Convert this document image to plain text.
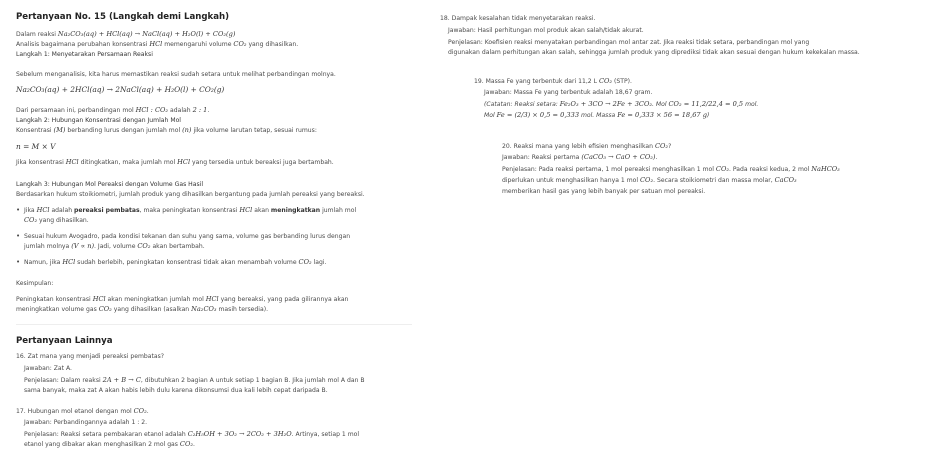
Pertanyaan No. 15 (Langkah demi Langkah)
Dalam reaksi Na₂CO₃(aq) + HCl(aq) → NaCl(aq) + H₂O(l) + CO₂(g)
Analisis bagaimana perubahan konsentrasi HCl memengaruhi volume CO₂ yang dihasilkan.
Langkah 1: Menyetarakan Persamaan Reaksi
Sebelum menganalisis, kita harus memastikan reaksi sudah setara untuk melihat perbandingan molnya.
Na₂CO₃(aq) + 2HCl(aq) → 2NaCl(aq) + H₂O(l) + CO₂(g)
Dari persamaan ini, perbandingan mol HCl : CO₂ adalah 2 : 1.
Langkah 2: Hubungan Konsentrasi dengan Jumlah Mol
Konsentrasi (M) berbanding lurus dengan jumlah mol (n) jika volume larutan tetap, sesuai rumus:
n = M × V
Jika konsentrasi HCl ditingkatkan, maka jumlah mol HCl yang tersedia untuk bereaksi juga bertambah.
Langkah 3: Hubungan Mol Pereaksi dengan Volume Gas Hasil
Berdasarkan hukum stoikiometri, jumlah produk yang dihasilkan bergantung pada jumlah pereaksi yang bereaksi.
• Jika HCl adalah pereaksi pembatas, maka peningkatan konsentrasi HCl akan meningkatkan jumlah mol
CO₂ yang dihasilkan.
• Sesuai hukum Avogadro, pada kondisi tekanan dan suhu yang sama, volume gas berbanding lurus dengan
jumlah molnya (V ∝ n). Jadi, volume CO₂ akan bertambah.
• Namun, jika HCl sudah berlebih, peningkatan konsentrasi tidak akan menambah volume CO₂ lagi.
Kesimpulan:
Peningkatan konsentrasi HCl akan meningkatkan jumlah mol HCl yang bereaksi, yang pada gilirannya akan
meningkatkan volume gas CO₂ yang dihasilkan (asalkan Na₂CO₃ masih tersedia).
Pertanyaan Lainnya
16. Zat mana yang menjadi pereaksi pembatas?
Jawaban: Zat A.
Penjelasan: Dalam reaksi 2A + B → C, dibutuhkan 2 bagian A untuk setiap 1 bagian B. Jika jumlah mol A dan B
sama banyak, maka zat A akan habis lebih dulu karena dikonsumsi dua kali lebih cepat daripada B.
17. Hubungan mol etanol dengan mol CO₂.
Jawaban: Perbandingannya adalah 1 : 2.
Penjelasan: Reaksi setara pembakaran etanol adalah C₂H₅OH + 3O₂ → 2CO₂ + 3H₂O. Artinya, setiap 1 mol
etanol yang dibakar akan menghasilkan 2 mol gas CO₂.
18. Dampak kesalahan tidak menyetarakan reaksi.
Jawaban: Hasil perhitungan mol produk akan salah/tidak akurat.
Penjelasan: Koefisien reaksi menyatakan perbandingan mol antar zat. Jika reaksi tidak setara, perbandingan mol yang
digunakan dalam perhitungan akan salah, sehingga jumlah produk yang diprediksi tidak akan sesuai dengan hukum kekekalan massa.
19. Massa Fe yang terbentuk dari 11,2 L CO₂ (STP).
Jawaban: Massa Fe yang terbentuk adalah 18,67 gram.
(Catatan: Reaksi setara: Fe₂O₃ + 3CO → 2Fe + 3CO₂. Mol CO₂ = 11,2/22,4 = 0,5 mol.
Mol Fe = (2/3) × 0,5 = 0,333 mol. Massa Fe = 0,333 × 56 = 18,67 g)
20. Reaksi mana yang lebih efisien menghasilkan CO₂?
Jawaban: Reaksi pertama (CaCO₃ → CaO + CO₂).
Penjelasan: Pada reaksi pertama, 1 mol pereaksi menghasilkan 1 mol CO₂. Pada reaksi kedua, 2 mol NaHCO₃
diperlukan untuk menghasilkan hanya 1 mol CO₂. Secara stoikiometri dan massa molar, CaCO₃
memberikan hasil gas yang lebih banyak per satuan mol pereaksi.
